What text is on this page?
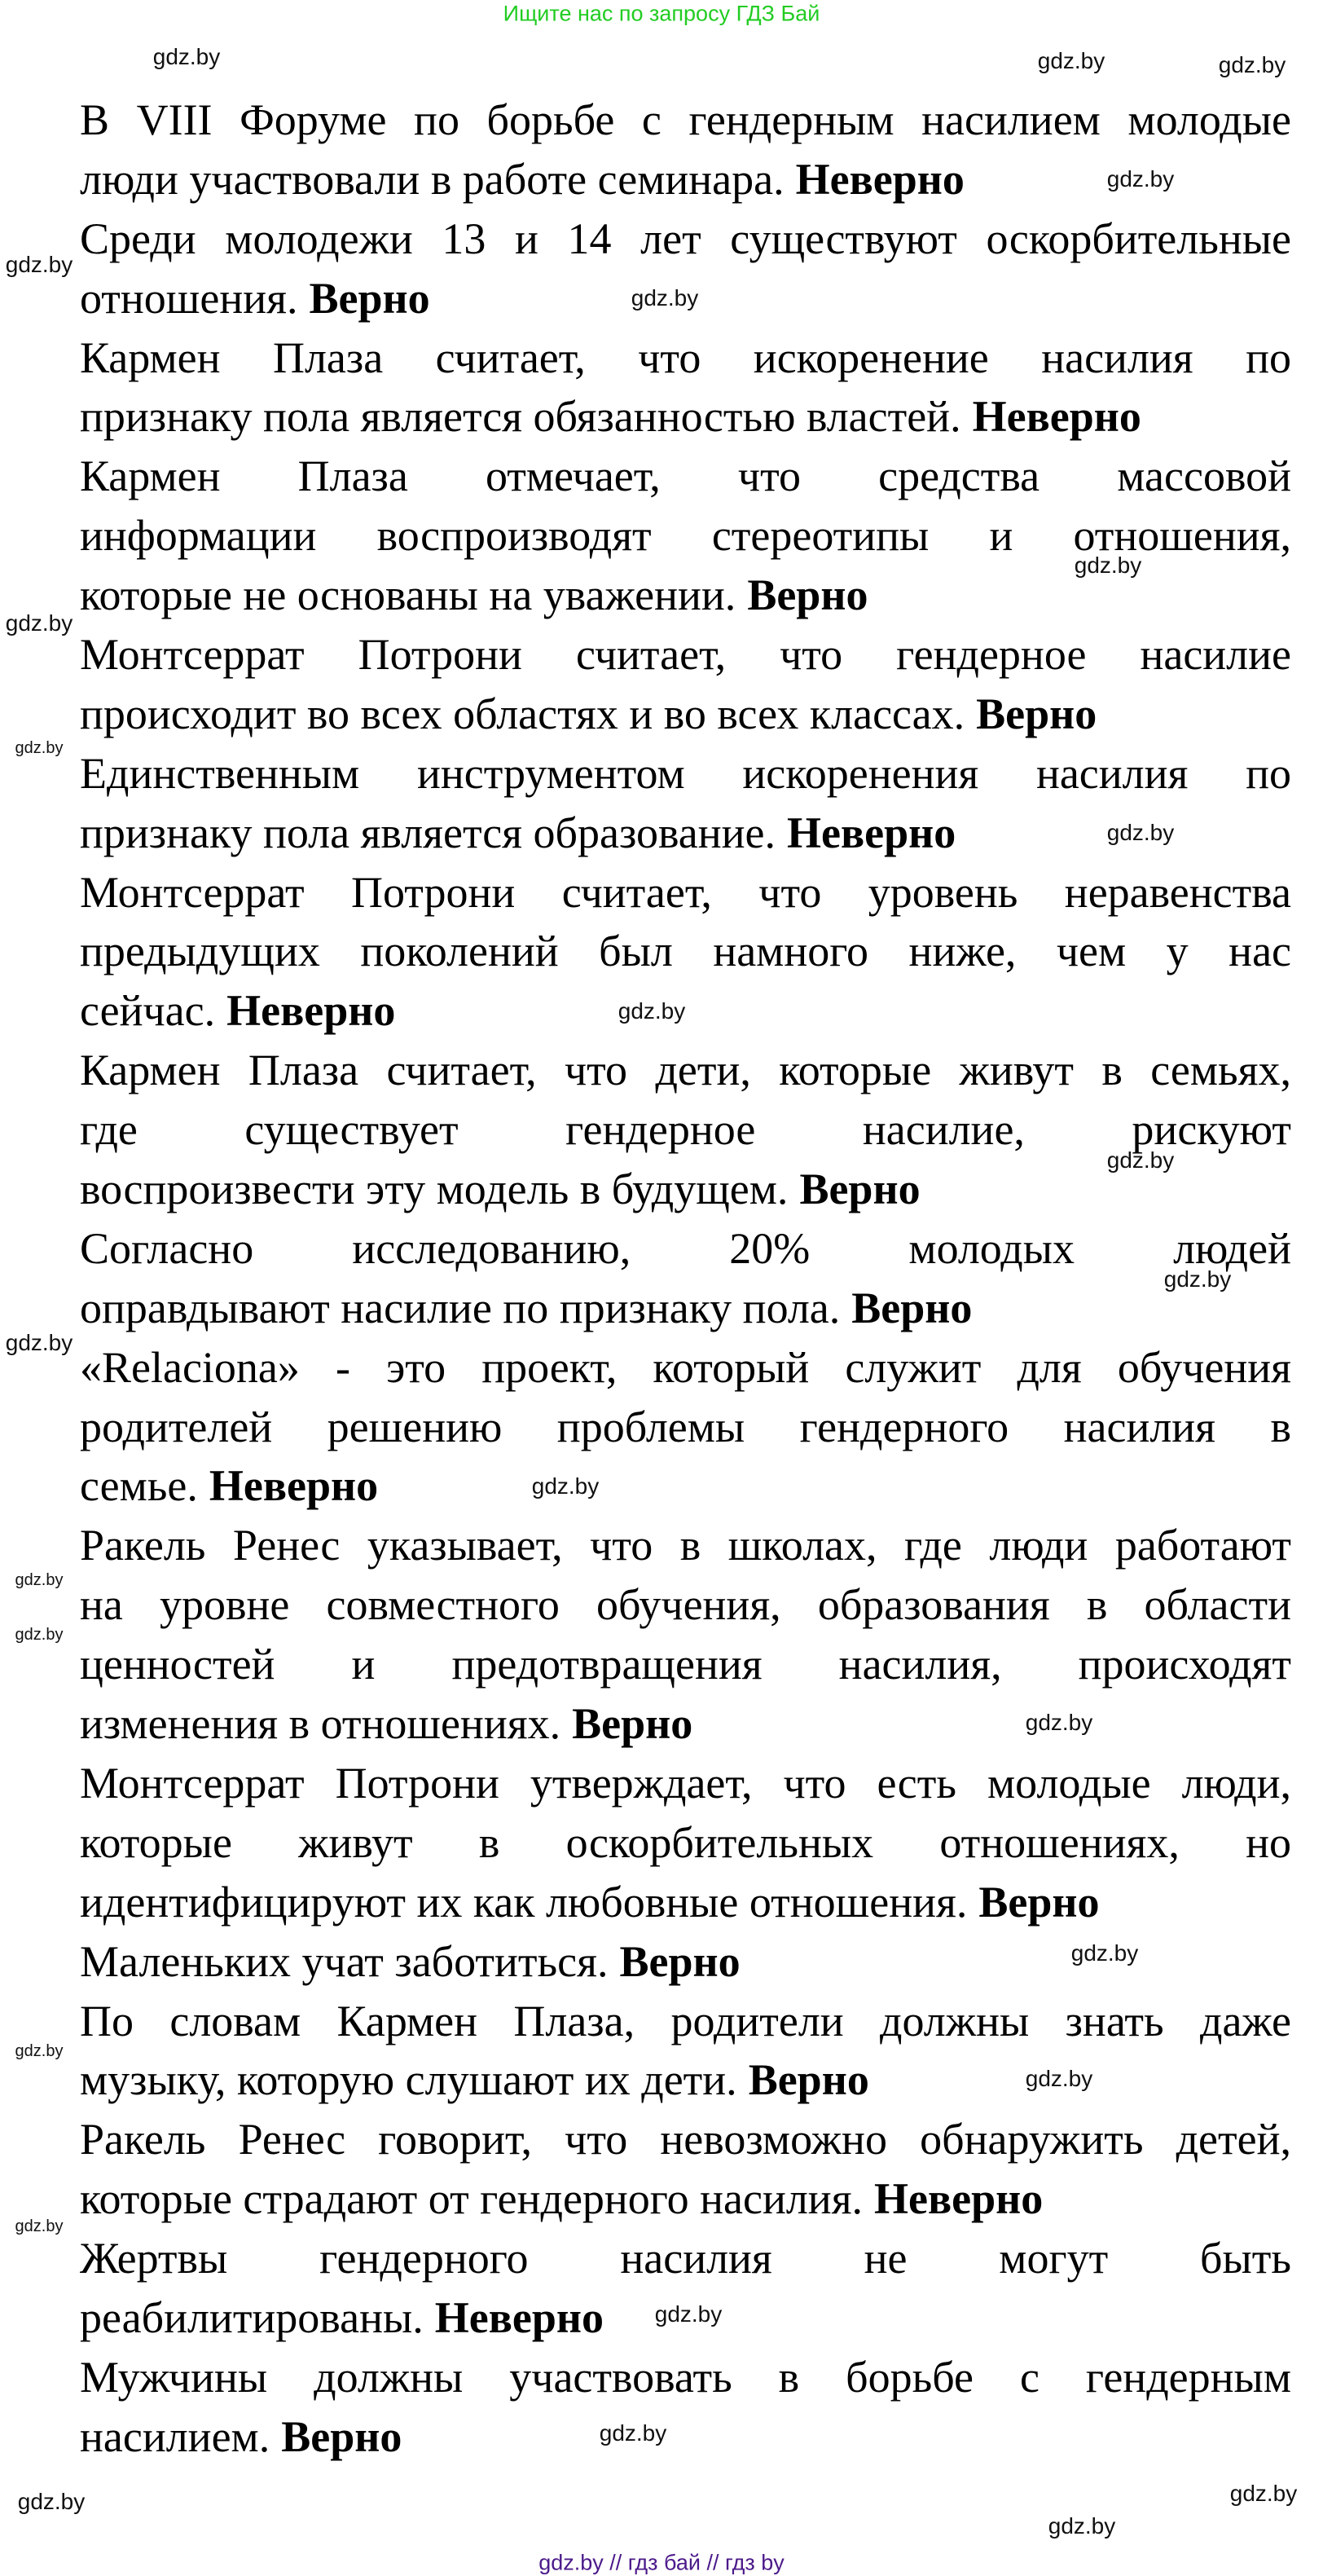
Ищите нас по запросу ГДЗ Бай
В VIII Форуме по борьбе с гендерным насилием молодые
люди участвовали в работе семинара. Неверно
Среди молодежи 13 и 14 лет существуют оскорбительные
отношения. Верно
Кармен Плаза считает, что искоренение насилия по
признаку пола является обязанностью властей. Неверно
Кармен Плаза отмечает, что средства массовой
информации воспроизводят стереотипы и отношения,
которые не основаны на уважении. Верно
Монтсеррат Потрони считает, что гендерное насилие
происходит во всех областях и во всех классах. Верно
Единственным инструментом искоренения насилия по
признаку пола является образование. Неверно
Монтсеррат Потрони считает, что уровень неравенства
предыдущих поколений был намного ниже, чем у нас
сейчас. Неверно
Кармен Плаза считает, что дети, которые живут в семьях,
где существует гендерное насилие, рискуют
воспроизвести эту модель в будущем. Верно
Согласно исследованию, 20% молодых людей
оправдывают насилие по признаку пола. Верно
«Relaciona» - это проект, который служит для обучения
родителей решению проблемы гендерного насилия в
семье. Неверно
Ракель Ренес указывает, что в школах, где люди работают
на уровне совместного обучения, образования в области
ценностей и предотвращения насилия, происходят
изменения в отношениях. Верно
Монтсеррат Потрони утверждает, что есть молодые люди,
которые живут в оскорбительных отношениях, но
идентифицируют их как любовные отношения. Верно
Маленьких учат заботиться. Верно
По словам Кармен Плаза, родители должны знать даже
музыку, которую слушают их дети. Верно
Ракель Ренес говорит, что невозможно обнаружить детей,
которые страдают от гендерного насилия. Неверно
Жертвы гендерного насилия не могут быть
реабилитированы. Неверно
Мужчины должны участвовать в борьбе с гендерным
насилием. Верно
gdz.by	gdz.by	gdz.by
gdz.by
gdz.by
gdz.by
gdz.by
gdz.by
gdz.by
gdz.by
gdz.by
gdz.by
gdz.by
gdz.by
gdz.by
gdz.by
gdz.by
gdz.by
gdz.by
gdz.by
gdz.by
gdz.by
gdz.by
gdz.by
gdz.by
gdz.by
gdz.by
gdz.by // гдз бай // гдз by
